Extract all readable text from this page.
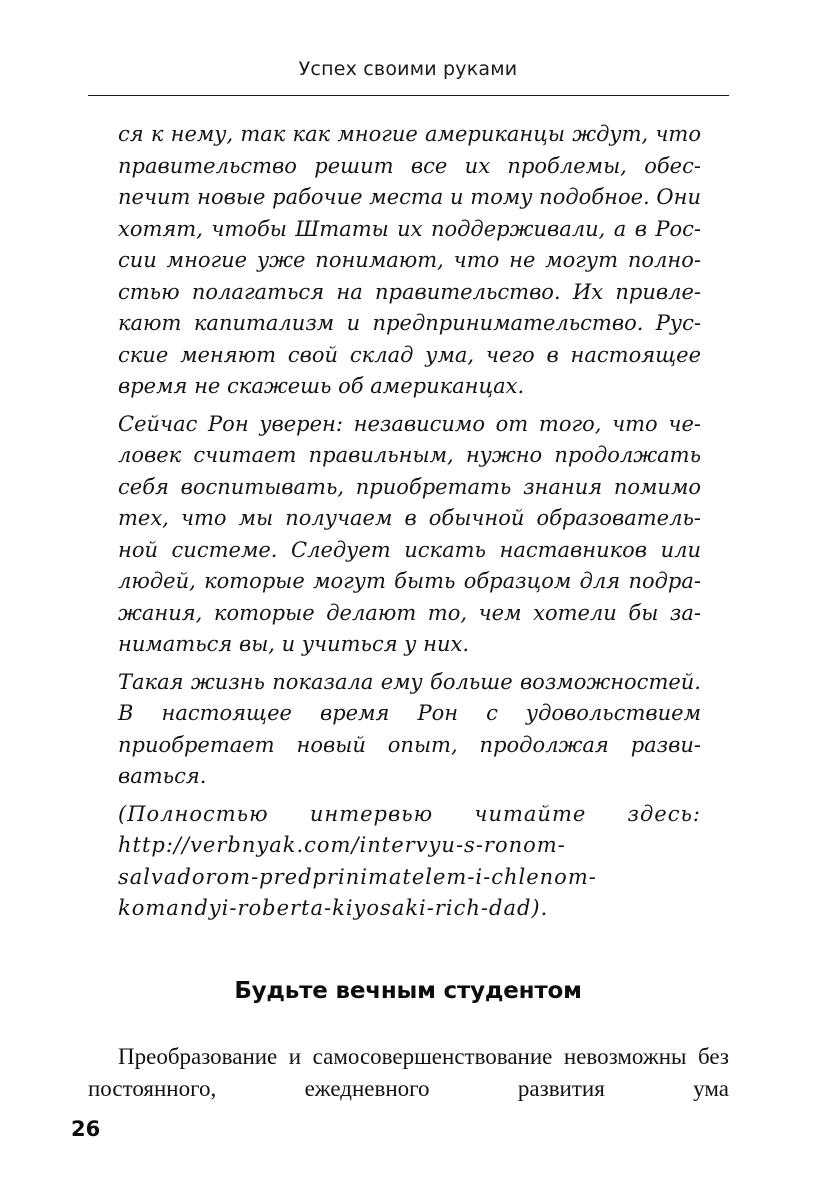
Успех своими руками

ся к нему, так как многие американцы ждут, что правительство решит все их проблемы, обеспечит новые рабочие места и тому подобное. Они хотят, чтобы Штаты их поддерживали, а в России многие уже понимают, что не могут полностью полагаться на правительство. Их привлекают капитализм и предпринимательство. Русские меняют свой склад ума, чего в настоящее время не скажешь об американцах.

Сейчас Рон уверен: независимо от того, что человек считает правильным, нужно продолжать себя воспитывать, приобретать знания помимо тех, что мы получаем в обычной образовательной системе. Следует искать наставников или людей, которые могут быть образцом для подражания, которые делают то, чем хотели бы заниматься вы, и учиться у них.

Такая жизнь показала ему больше возможностей. В настоящее время Рон с удовольствием приобретает новый опыт, продолжая развиваться.

(Полностью интервью читайте здесь: http://verbnyak.com/intervyu-s-ronom-salvadorom-predprinimatelem-i-chlenom-komandyi-roberta-kiyosaki-rich-dad).

Будьте вечным студентом

Преобразование и самосовершенствование невозможны без постоянного, ежедневного развития ума

26
